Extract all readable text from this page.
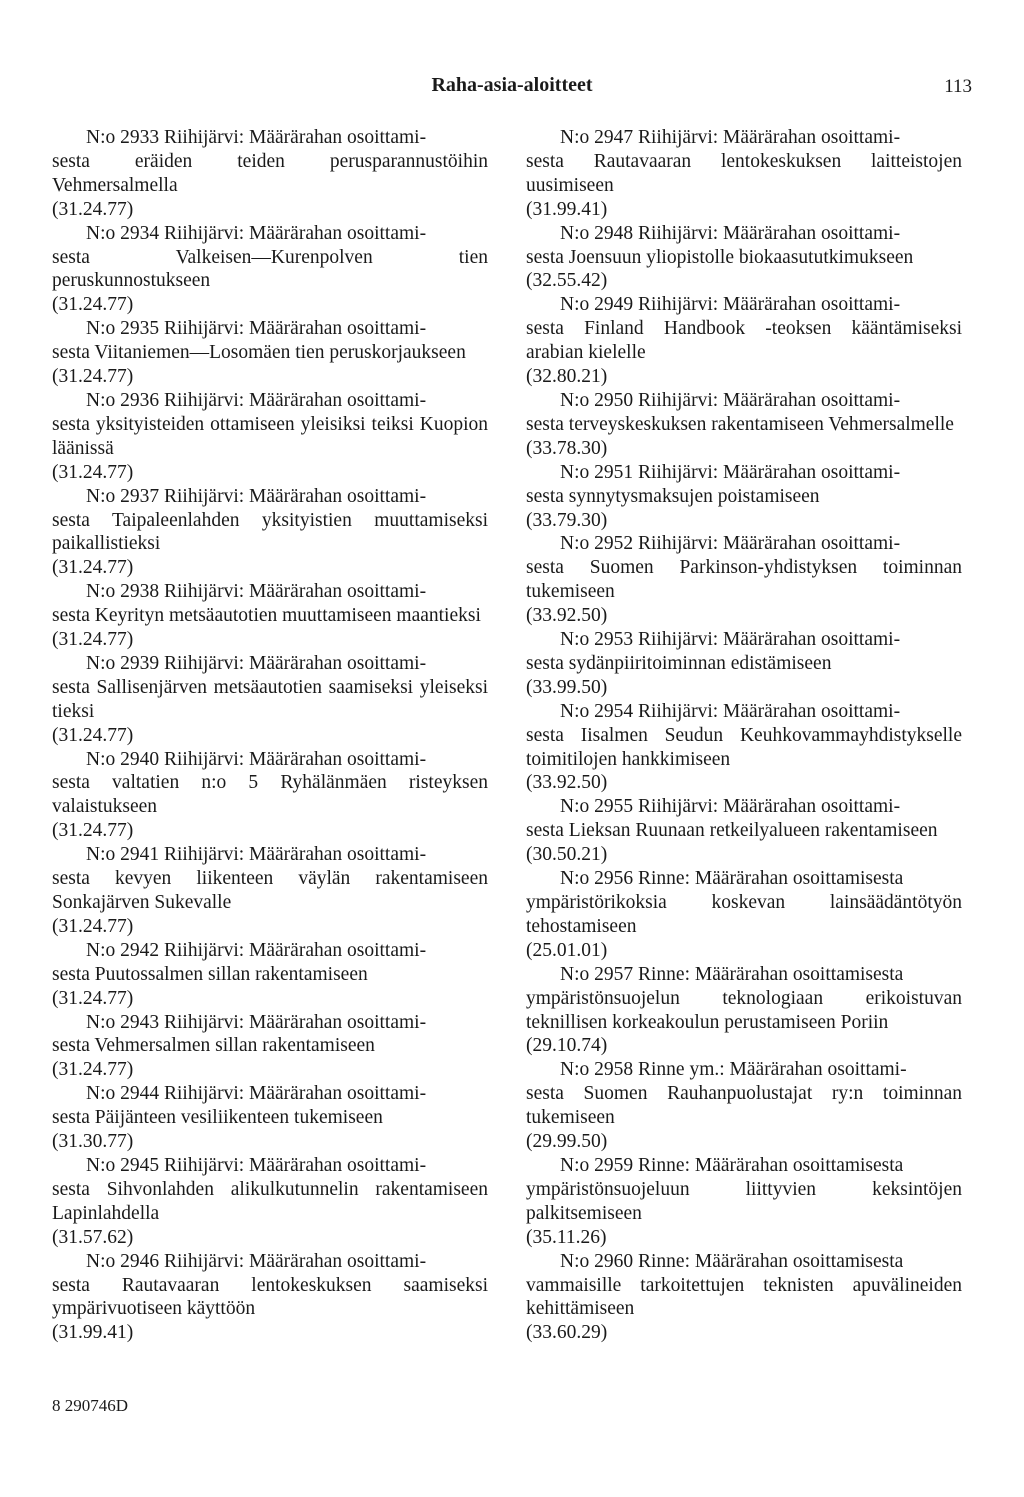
Raha-asia-aloitteet	113
N:o 2933 Riihijärvi: Määrärahan osoittami-
sesta eräiden teiden perusparannustöihin Vehmersalmella
(31.24.77)
N:o 2934 Riihijärvi: Määrärahan osoittami-
sesta Valkeisen—Kurenpolven tien peruskunnostukseen
(31.24.77)
N:o 2935 Riihijärvi: Määrärahan osoittami-
sesta Viitaniemen—Losomäen tien peruskorjaukseen
(31.24.77)
N:o 2936 Riihijärvi: Määrärahan osoittami-
sesta yksityisteiden ottamiseen yleisiksi teiksi Kuopion läänissä
(31.24.77)
N:o 2937 Riihijärvi: Määrärahan osoittami-
sesta Taipaleenlahden yksityistien muuttamiseksi paikallistieksi
(31.24.77)
N:o 2938 Riihijärvi: Määrärahan osoittami-
sesta Keyrityn metsäautotien muuttamiseen maantieksi
(31.24.77)
N:o 2939 Riihijärvi: Määrärahan osoittami-
sesta Sallisenjärven metsäautotien saamiseksi yleiseksi tieksi
(31.24.77)
N:o 2940 Riihijärvi: Määrärahan osoittami-
sesta valtatien n:o 5 Ryhälänmäen risteyksen valaistukseen
(31.24.77)
N:o 2941 Riihijärvi: Määrärahan osoittami-
sesta kevyen liikenteen väylän rakentamiseen Sonkajärven Sukevalle
(31.24.77)
N:o 2942 Riihijärvi: Määrärahan osoittami-
sesta Puutossalmen sillan rakentamiseen
(31.24.77)
N:o 2943 Riihijärvi: Määrärahan osoittami-
sesta Vehmersalmen sillan rakentamiseen
(31.24.77)
N:o 2944 Riihijärvi: Määrärahan osoittami-
sesta Päijänteen vesiliikenteen tukemiseen
(31.30.77)
N:o 2945 Riihijärvi: Määrärahan osoittami-
sesta Sihvonlahden alikulkutunnelin rakentamiseen Lapinlahdella
(31.57.62)
N:o 2946 Riihijärvi: Määrärahan osoittami-
sesta Rautavaaran lentokeskuksen saamiseksi ympärivuotiseen käyttöön
(31.99.41)
N:o 2947 Riihijärvi: Määrärahan osoittami-
sesta Rautavaaran lentokeskuksen laitteistojen uusimiseen
(31.99.41)
N:o 2948 Riihijärvi: Määrärahan osoittami-
sesta Joensuun yliopistolle biokaasututkimukseen
(32.55.42)
N:o 2949 Riihijärvi: Määrärahan osoittami-
sesta Finland Handbook -teoksen kääntämiseksi arabian kielelle
(32.80.21)
N:o 2950 Riihijärvi: Määrärahan osoittami-
sesta terveyskeskuksen rakentamiseen Vehmersalmelle
(33.78.30)
N:o 2951 Riihijärvi: Määrärahan osoittami-
sesta synnytysmaksujen poistamiseen
(33.79.30)
N:o 2952 Riihijärvi: Määrärahan osoittami-
sesta Suomen Parkinson-yhdistyksen toiminnan tukemiseen
(33.92.50)
N:o 2953 Riihijärvi: Määrärahan osoittami-
sesta sydänpiiritoiminnan edistämiseen
(33.99.50)
N:o 2954 Riihijärvi: Määrärahan osoittami-
sesta Iisalmen Seudun Keuhkovammayhdistykselle toimitilojen hankkimiseen
(33.92.50)
N:o 2955 Riihijärvi: Määrärahan osoittami-
sesta Lieksan Ruunaan retkeilyalueen rakentamiseen
(30.50.21)
N:o 2956 Rinne: Määrärahan osoittamisesta
ympäristörikoksia koskevan lainsäädäntötyön tehostamiseen
(25.01.01)
N:o 2957 Rinne: Määrärahan osoittamisesta
ympäristönsuojelun teknologiaan erikoistuvan teknillisen korkeakoulun perustamiseen Poriin
(29.10.74)
N:o 2958 Rinne ym.: Määrärahan osoittami-
sesta Suomen Rauhanpuolustajat ry:n toiminnan tukemiseen
(29.99.50)
N:o 2959 Rinne: Määrärahan osoittamisesta
ympäristönsuojeluun liittyvien keksintöjen palkitsemiseen
(35.11.26)
N:o 2960 Rinne: Määrärahan osoittamisesta
vammaisille tarkoitettujen teknisten apuvälineiden kehittämiseen
(33.60.29)
8 290746D
